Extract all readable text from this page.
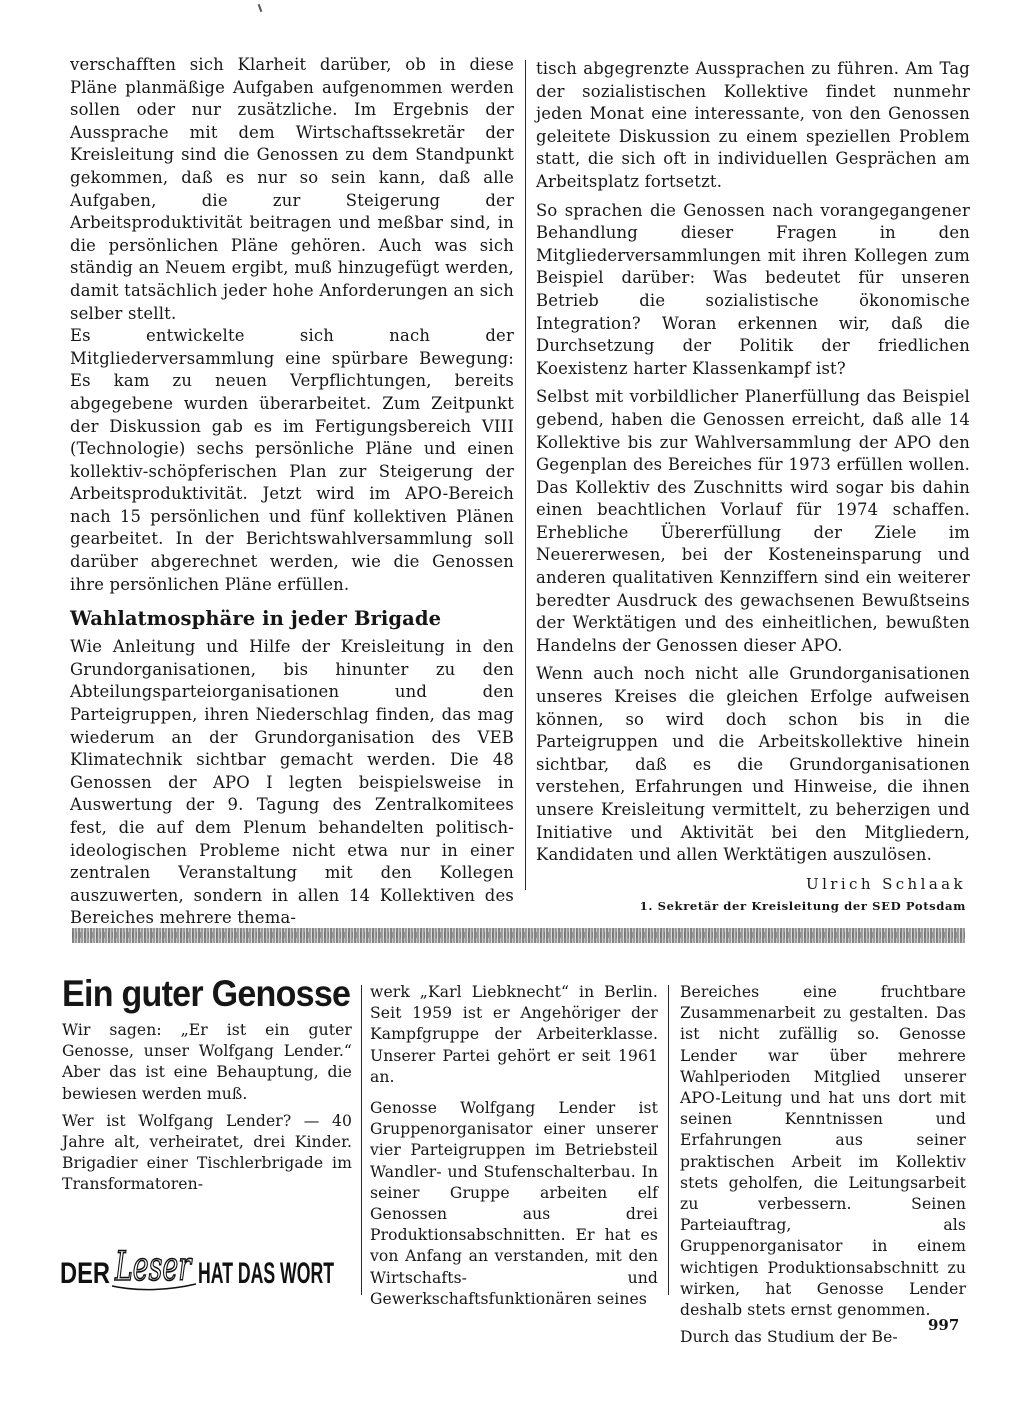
verschafften sich Klarheit darüber, ob in diese Pläne planmäßige Aufgaben aufgenommen werden sollen oder nur zusätzliche. Im Ergebnis der Aussprache mit dem Wirtschaftssekretär der Kreisleitung sind die Genossen zu dem Standpunkt gekommen, daß es nur so sein kann, daß alle Aufgaben, die zur Steigerung der Arbeitsproduktivität beitragen und meßbar sind, in die persönlichen Pläne gehören. Auch was sich ständig an Neuem ergibt, muß hinzugefügt werden, damit tatsächlich jeder hohe Anforderungen an sich selber stellt.

Es entwickelte sich nach der Mitgliederversammlung eine spürbare Bewegung: Es kam zu neuen Verpflichtungen, bereits abgegebene wurden überarbeitet. Zum Zeitpunkt der Diskussion gab es im Fertigungsbereich VIII (Technologie) sechs persönliche Pläne und einen kollektiv-schöpferischen Plan zur Steigerung der Arbeitsproduktivität. Jetzt wird im APO-Bereich nach 15 persönlichen und fünf kollektiven Plänen gearbeitet. In der Berichtswahlversammlung soll darüber abgerechnet werden, wie die Genossen ihre persönlichen Pläne erfüllen.

Wahlatmosphäre in jeder Brigade

Wie Anleitung und Hilfe der Kreisleitung in den Grundorganisationen, bis hinunter zu den Abteilungsparteiorganisationen und den Parteigruppen, ihren Niederschlag finden, das mag wiederum an der Grundorganisation des VEB Klimatechnik sichtbar gemacht werden. Die 48 Genossen der APO I legten beispielsweise in Auswertung der 9. Tagung des Zentralkomitees fest, die auf dem Plenum behandelten politisch-ideologischen Probleme nicht etwa nur in einer zentralen Veranstaltung mit den Kollegen auszuwerten, sondern in allen 14 Kollektiven des Bereiches mehrere thema-

tisch abgegrenzte Aussprachen zu führen. Am Tag der sozialistischen Kollektive findet nunmehr jeden Monat eine interessante, von den Genossen geleitete Diskussion zu einem speziellen Problem statt, die sich oft in individuellen Gesprächen am Arbeitsplatz fortsetzt.

So sprachen die Genossen nach vorangegangener Behandlung dieser Fragen in den Mitgliederversammlungen mit ihren Kollegen zum Beispiel darüber: Was bedeutet für unseren Betrieb die sozialistische ökonomische Integration? Woran erkennen wir, daß die Durchsetzung der Politik der friedlichen Koexistenz harter Klassenkampf ist?

Selbst mit vorbildlicher Planerfüllung das Beispiel gebend, haben die Genossen erreicht, daß alle 14 Kollektive bis zur Wahlversammlung der APO den Gegenplan des Bereiches für 1973 erfüllen wollen. Das Kollektiv des Zuschnitts wird sogar bis dahin einen beachtlichen Vorlauf für 1974 schaffen. Erhebliche Übererfüllung der Ziele im Neuererwesen, bei der Kosteneinsparung und anderen qualitativen Kennziffern sind ein weiterer beredter Ausdruck des gewachsenen Bewußtseins der Werktätigen und des einheitlichen, bewußten Handelns der Genossen dieser APO.

Wenn auch noch nicht alle Grundorganisationen unseres Kreises die gleichen Erfolge aufweisen können, so wird doch schon bis in die Parteigruppen und die Arbeitskollektive hinein sichtbar, daß es die Grundorganisationen verstehen, Erfahrungen und Hinweise, die ihnen unsere Kreisleitung vermittelt, zu beherzigen und Initiative und Aktivität bei den Mitgliedern, Kandidaten und allen Werktätigen auszulösen.

Ulrich Schlaak
1. Sekretär der Kreisleitung der SED Potsdam
Ein guter Genosse

Wir sagen: „Er ist ein guter Genosse, unser Wolfgang Lender.“ Aber das ist eine Behauptung, die bewiesen werden muß.

Wer ist Wolfgang Lender? — 40 Jahre alt, verheiratet, drei Kinder. Brigadier einer Tischlerbrigade im Transformatoren-

werk „Karl Liebknecht“ in Berlin. Seit 1959 ist er Angehöriger der Kampfgruppe der Arbeiterklasse. Unserer Partei gehört er seit 1961 an.

Genosse Wolfgang Lender ist Gruppenorganisator einer unserer vier Parteigruppen im Betriebsteil Wandler- und Stufenschalterbau. In seiner Gruppe arbeiten elf Genossen aus drei Produktionsabschnitten. Er hat es von Anfang an verstanden, mit den Wirtschafts- und Gewerkschaftsfunktionären seines

Bereiches eine fruchtbare Zusammenarbeit zu gestalten. Das ist nicht zufällig so. Genosse Lender war über mehrere Wahlperioden Mitglied unserer APO-Leitung und hat uns dort mit seinen Kenntnissen und Erfahrungen aus seiner praktischen Arbeit im Kollektiv stets geholfen, die Leitungsarbeit zu verbessern. Seinen Parteiauftrag, als Gruppenorganisator in einem wichtigen Produktionsabschnitt zu wirken, hat Genosse Lender deshalb stets ernst genommen.

Durch das Studium der Be-

DER Leser HAT DAS WORT
997
